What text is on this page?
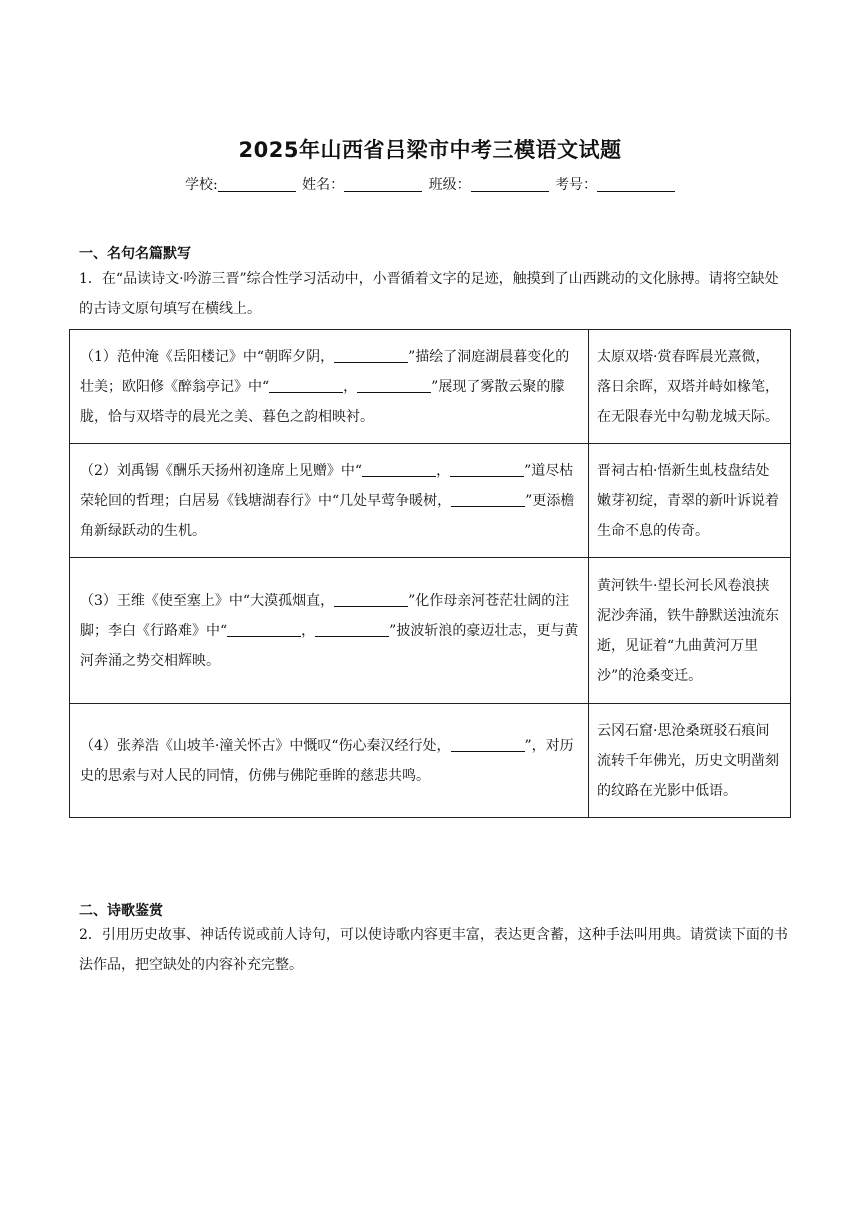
2025年山西省吕梁市中考三模语文试题
学校:	姓名：	班级：	考号：
一、名句名篇默写

1．在“品读诗文·吟游三晋”综合性学习活动中，小晋循着文字的足迹，触摸到了山西跳动的文化脉搏。请将空缺处的古诗文原句填写在横线上。

（1）范仲淹《岳阳楼记》中“朝晖夕阴， ”描绘了洞庭湖晨暮变化的壮美；欧阳修《醉翁亭记》中“ ， ”展现了雾散云聚的朦胧，恰与双塔寺的晨光之美、暮色之韵相映衬。	太原双塔·赏春晖晨光熹微，落日余晖，双塔并峙如椽笔，在无限春光中勾勒龙城天际。
（2）刘禹锡《酬乐天扬州初逢席上见赠》中“ ， ”道尽枯荣轮回的哲理；白居易《钱塘湖春行》中“几处早莺争暖树， ”更添檐角新绿跃动的生机。	晋祠古柏·悟新生虬枝盘结处嫩芽初绽，青翠的新叶诉说着生命不息的传奇。
（3）王维《使至塞上》中“大漠孤烟直， ”化作母亲河苍茫壮阔的注脚；李白《行路难》中“ ， ”披波斩浪的豪迈壮志，更与黄河奔涌之势交相辉映。	黄河铁牛·望长河长风卷浪挟泥沙奔涌，铁牛静默送浊流东逝，见证着“九曲黄河万里沙”的沧桑变迁。
（4）张养浩《山坡羊·潼关怀古》中慨叹“伤心秦汉经行处， ”，对历史的思索与对人民的同情，仿佛与佛陀垂眸的慈悲共鸣。	云冈石窟·思沧桑斑驳石痕间流转千年佛光，历史文明凿刻的纹路在光影中低语。
二、诗歌鉴赏

2．引用历史故事、神话传说或前人诗句，可以使诗歌内容更丰富，表达更含蓄，这种手法叫用典。请赏读下面的书法作品，把空缺处的内容补充完整。
